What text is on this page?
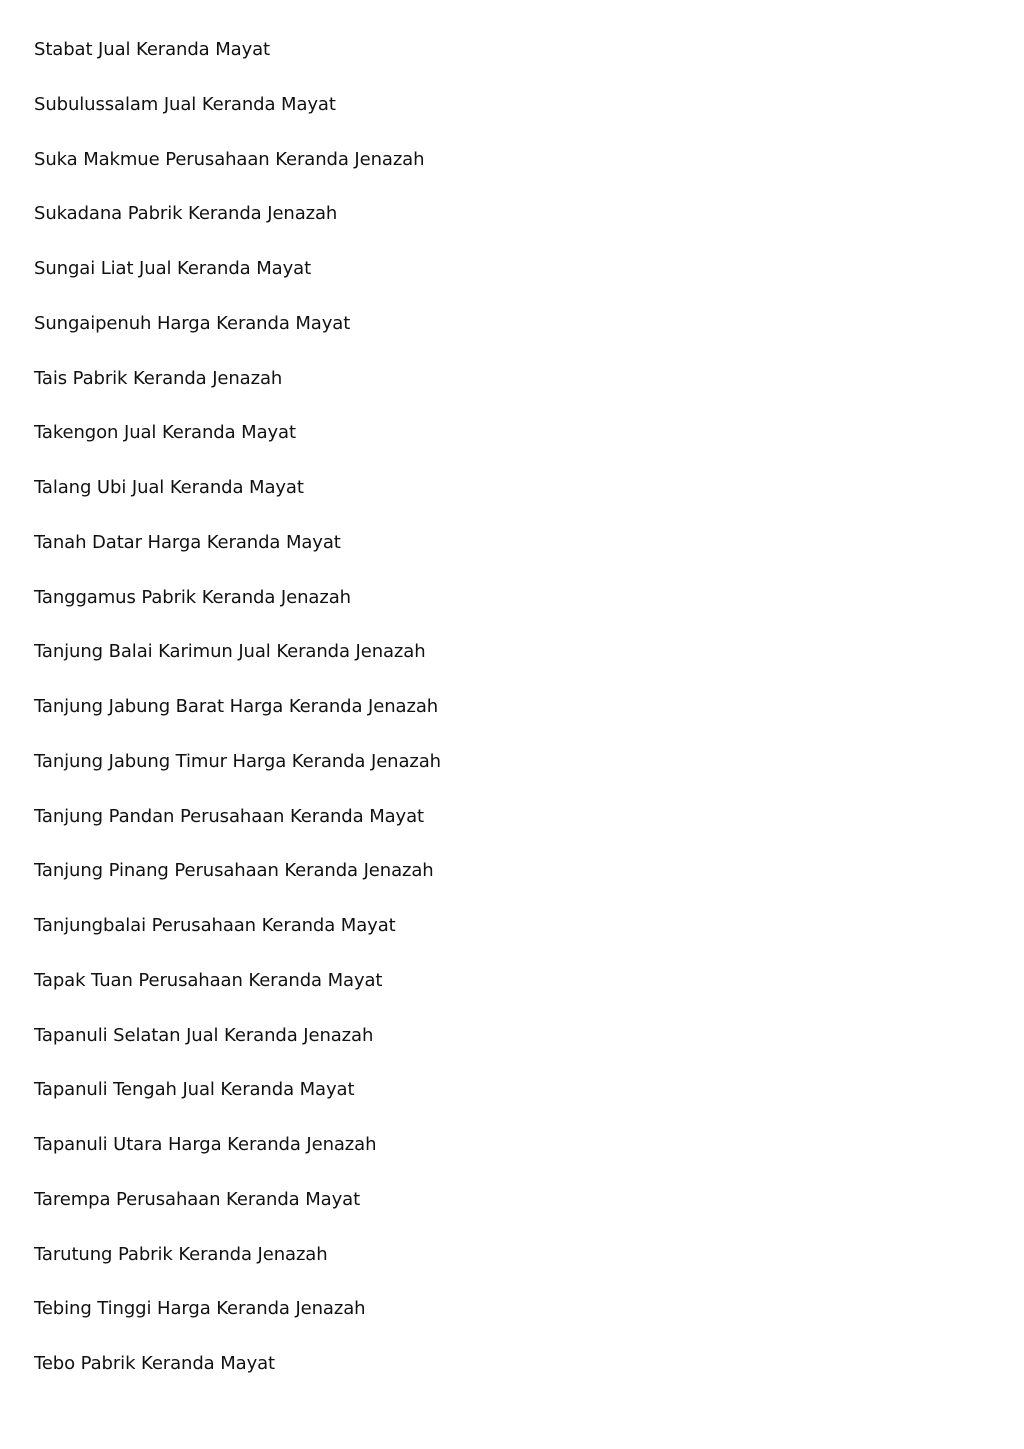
Stabat Jual Keranda Mayat
Subulussalam Jual Keranda Mayat
Suka Makmue Perusahaan Keranda Jenazah
Sukadana Pabrik Keranda Jenazah
Sungai Liat Jual Keranda Mayat
Sungaipenuh Harga Keranda Mayat
Tais Pabrik Keranda Jenazah
Takengon Jual Keranda Mayat
Talang Ubi Jual Keranda Mayat
Tanah Datar Harga Keranda Mayat
Tanggamus Pabrik Keranda Jenazah
Tanjung Balai Karimun Jual Keranda Jenazah
Tanjung Jabung Barat Harga Keranda Jenazah
Tanjung Jabung Timur Harga Keranda Jenazah
Tanjung Pandan Perusahaan Keranda Mayat
Tanjung Pinang Perusahaan Keranda Jenazah
Tanjungbalai Perusahaan Keranda Mayat
Tapak Tuan Perusahaan Keranda Mayat
Tapanuli Selatan Jual Keranda Jenazah
Tapanuli Tengah Jual Keranda Mayat
Tapanuli Utara Harga Keranda Jenazah
Tarempa Perusahaan Keranda Mayat
Tarutung Pabrik Keranda Jenazah
Tebing Tinggi Harga Keranda Jenazah
Tebo Pabrik Keranda Mayat
